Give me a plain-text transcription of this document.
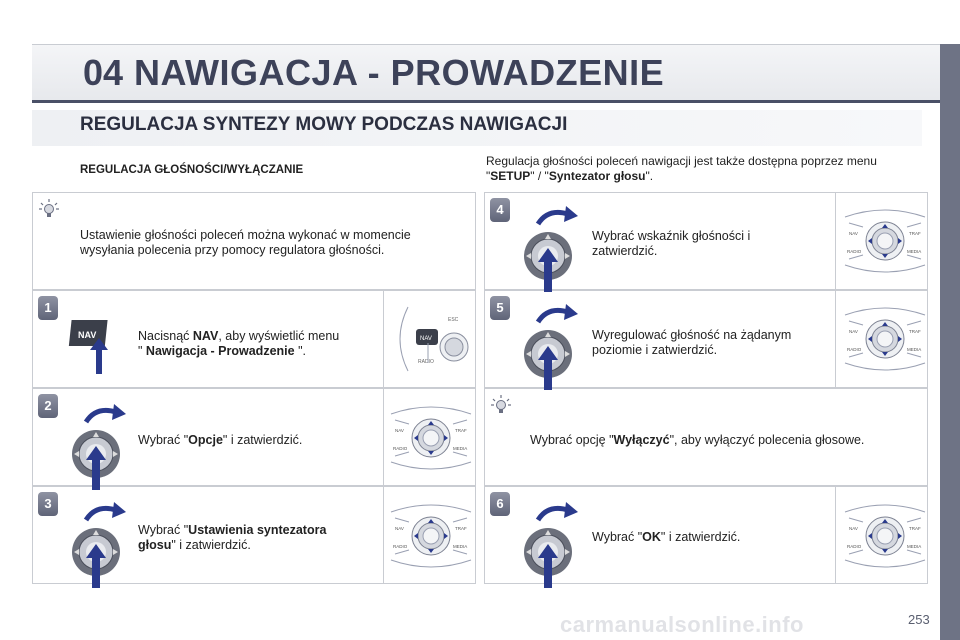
04 NAWIGACJA - PROWADZENIE
REGULACJA SYNTEZY MOWY PODCZAS NAWIGACJI
REGULACJA GŁOŚNOŚCI/WYŁĄCZANIE
Regulacja głośności poleceń nawigacji jest także dostępna poprzez menu
"SETUP" / "Syntezator głosu".
1
2
3
4
5
6
Ustawienie głośności poleceń można wykonać w momencie
wysyłania polecenia przy pomocy regulatora głośności.
Nacisnąć NAV, aby wyświetlić menu
" Nawigacja - Prowadzenie ".
Wybrać "Opcje" i zatwierdzić.
Wybrać "Ustawienia syntezatora
głosu" i zatwierdzić.
Wybrać wskaźnik głośności i
zatwierdzić.
Wyregulować głośność na żądanym
poziomie i zatwierdzić.
Wybrać opcję "Wyłączyć", aby wyłączyć polecenia głosowe.
Wybrać "OK" i zatwierdzić.
NAV	NAV
ESC
RADIO
NAV	TRAF
RADIO	MEDIA
NAV	TRAF
RADIO	MEDIA
NAV	TRAF
RADIO	MEDIA
NAV	TRAF
RADIO	MEDIA
NAV	TRAF
RADIO	MEDIA
carmanualsonline.info	253
